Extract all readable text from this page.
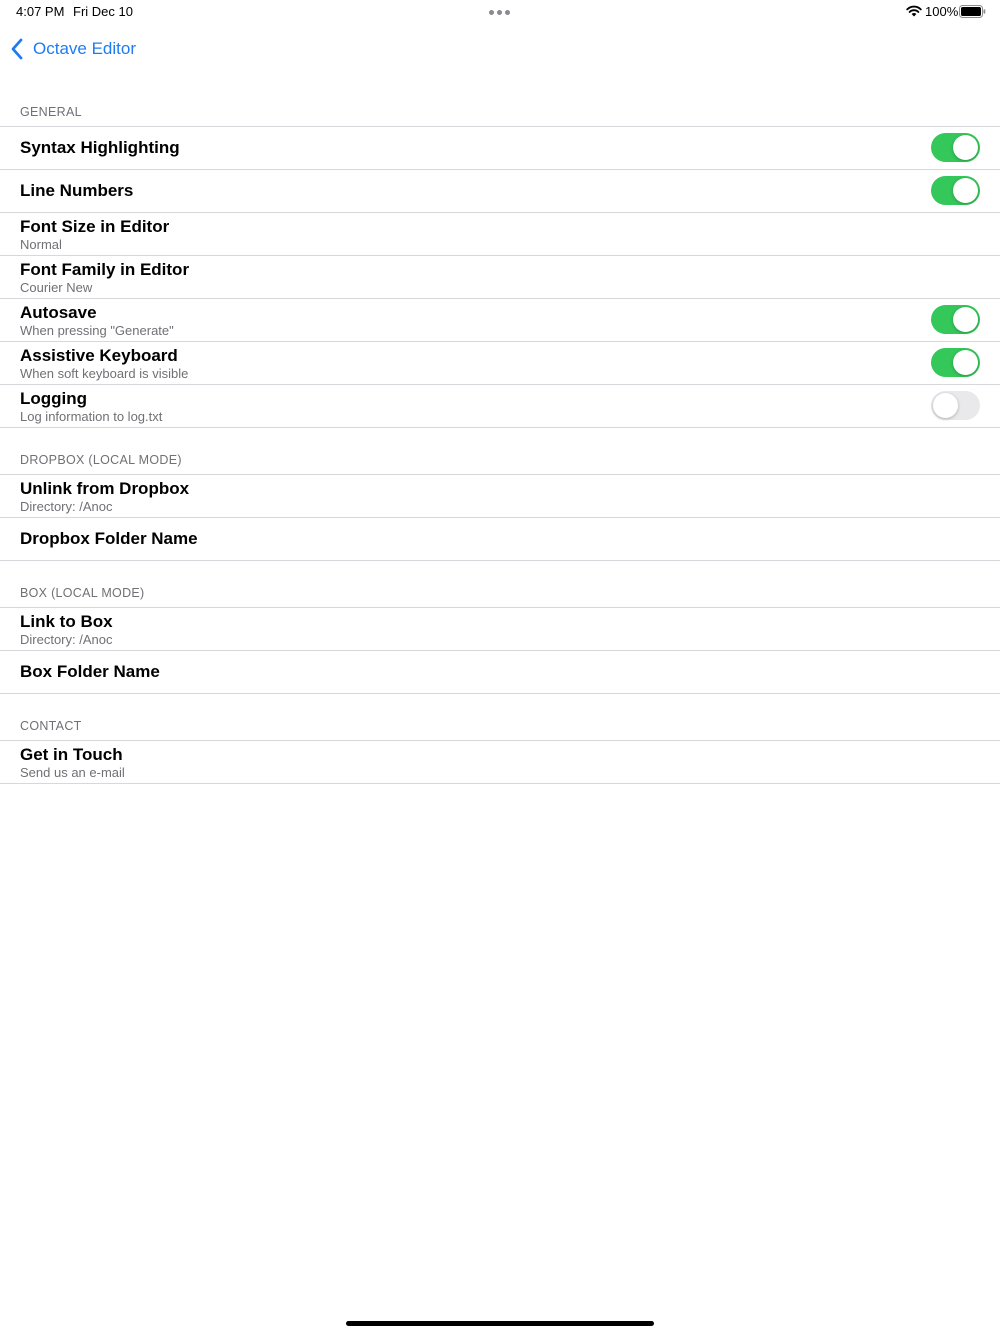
4:07 PM Fri Dec 10	100%
Octave Editor
GENERAL
Syntax Highlighting
Line Numbers
Font Size in Editor
Normal
Font Family in Editor
Courier New
Autosave
When pressing "Generate"
Assistive Keyboard
When soft keyboard is visible
Logging
Log information to log.txt
DROPBOX (LOCAL MODE)
Unlink from Dropbox
Directory: /Anoc
Dropbox Folder Name
BOX (LOCAL MODE)
Link to Box
Directory: /Anoc
Box Folder Name
CONTACT
Get in Touch
Send us an e-mail
